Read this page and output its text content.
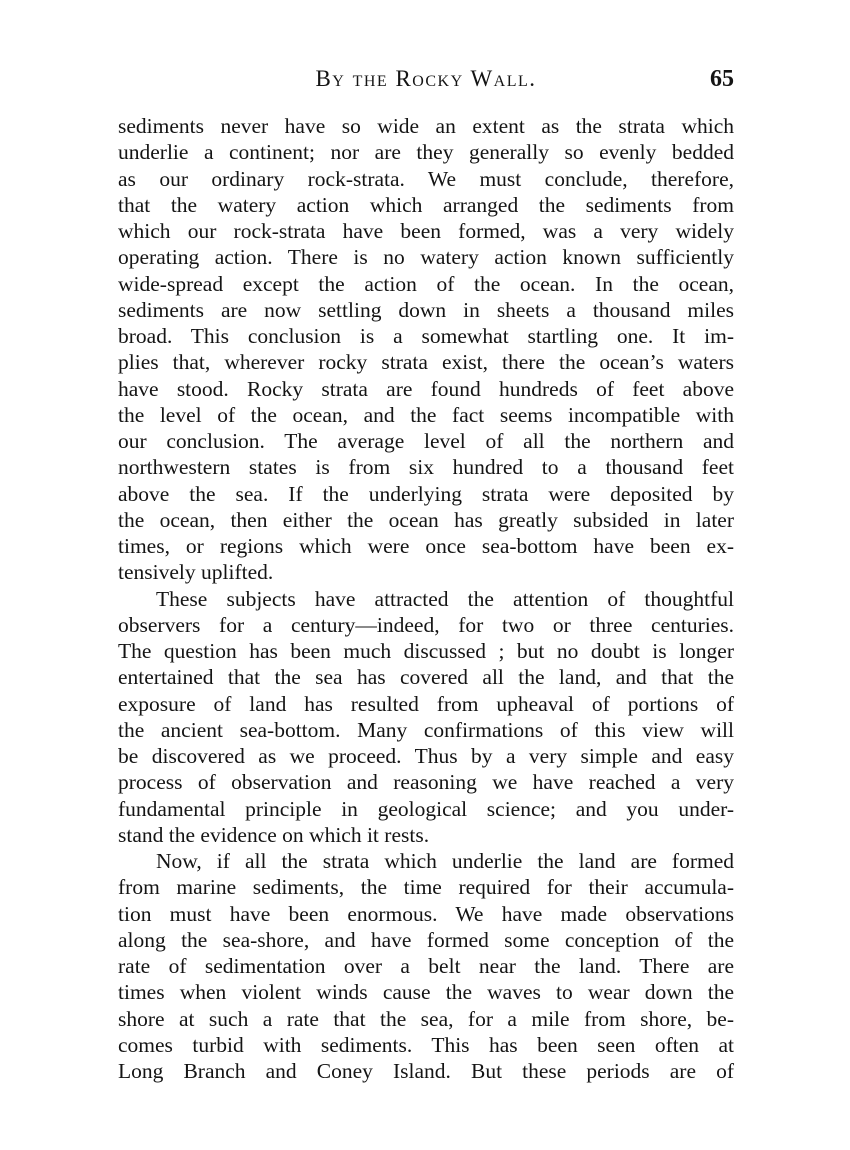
By the Rocky Wall.	65
sediments never have so wide an extent as the strata which
underlie a continent; nor are they generally so evenly bedded
as our ordinary rock-strata. We must conclude, therefore,
that the watery action which arranged the sediments from
which our rock-strata have been formed, was a very widely
operating action. There is no watery action known sufficiently
wide-spread except the action of the ocean. In the ocean,
sediments are now settling down in sheets a thousand miles
broad. This conclusion is a somewhat startling one. It im-
plies that, wherever rocky strata exist, there the ocean’s waters
have stood. Rocky strata are found hundreds of feet above
the level of the ocean, and the fact seems incompatible with
our conclusion. The average level of all the northern and
northwestern states is from six hundred to a thousand feet
above the sea. If the underlying strata were deposited by
the ocean, then either the ocean has greatly subsided in later
times, or regions which were once sea-bottom have been ex-
tensively uplifted.
These subjects have attracted the attention of thoughtful
observers for a century—indeed, for two or three centuries.
The question has been much discussed ; but no doubt is longer
entertained that the sea has covered all the land, and that the
exposure of land has resulted from upheaval of portions of
the ancient sea-bottom. Many confirmations of this view will
be discovered as we proceed. Thus by a very simple and easy
process of observation and reasoning we have reached a very
fundamental principle in geological science; and you under-
stand the evidence on which it rests.
Now, if all the strata which underlie the land are formed
from marine sediments, the time required for their accumula-
tion must have been enormous. We have made observations
along the sea-shore, and have formed some conception of the
rate of sedimentation over a belt near the land. There are
times when violent winds cause the waves to wear down the
shore at such a rate that the sea, for a mile from shore, be-
comes turbid with sediments. This has been seen often at
Long Branch and Coney Island. But these periods are of
